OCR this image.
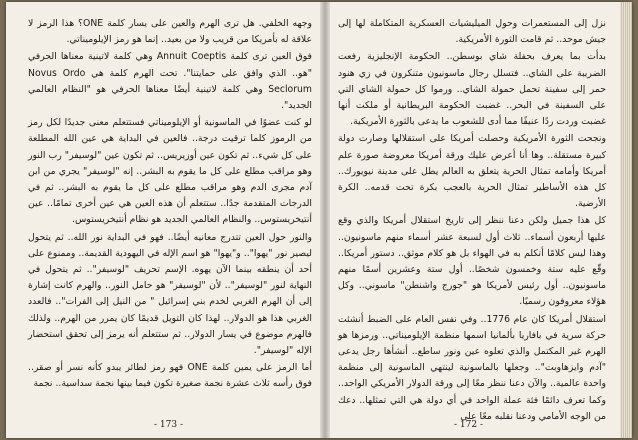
وجهه الخلفي. هل ترى الهرم والعين على يسار كلمة ONE؟ هذا الرمز لا علاقة له بأمريكا من قريب ولا من بعيد.. إنما هو رمز الإيلوميناتي.

فوق العين ترى كلمة Annuit Coeptis وهي كلمة لاتينية معناها الحرفي "هو.. الذي وافق على حمايتنا". تحت الهرم كلمة هي Novus Ordo Seclorum وهي كلمة لاتينية أيضًا معناها الحرفي هو "النظام العالمي الجديد".

لو كنت عضوًا في الماسونية أو الإيلوميناتي فستتعلم معنى جديدًا لكل رمز من الرموز كلما ترقيت درجة.. فالعين في البداية هي عين الله المطلعة على كل شيء.. ثم تكون عين أوزيريس.. ثم تكون عين "لوسيفر" رب النور وهو مراقب مطلع على كل ما يقوم به البشر.. إنه "لوسيفر" يجري من ابن آدم مجرى الدم وهو مراقب مطلع على كل ما يقوم به البشر.. ثم في الدرجات المتقدمة جدًا.. ستتعلم أن هذه العين هي عين أخرى تمامًا.. عين أنتيخريستوس.. والنظام العالمي الجديد هو نظام أنتيخريستوس.

والنور حول العين تتدرج معانيه أيضًا.. فهو في البداية نور الله.. ثم يتحول ليصير نور "يهوا".. و"يهوا" هو اسم الإله في اليهودية القديمة.. وممنوع على أحد أن ينطقه بينما الآن يهوه. الإسم تحريف "لوسيفر".. ثم يتحول في النهاية لنور "لوسيفر".. لأن "لوسيفر" هو حامل النور.. والهرم كانت إشارة إلى أن الهرم الغربي لخدم بني إسرائيل " من النيل إلى الفرات".. فالعدد الغربي هذا هو الدولار.. لهذا كان التويل قديمًا كان يمرر من الهرم.. ولذلك فالهرم موضوع في يسار الدولار.. ثم ستتعلم أنه يرمز إلى تحقق استحضار الإله "لوسيفر".

أما الرمز على يمين كلمة ONE فهو رمز لطائر يبدو كأنه نسر أو صقر.. فوق رأسه ثلاث عشرة نجمة صغيرة تكون فيما بينها نجمة سداسية.. نجمة

نزل إلى المستعمرات وحول الميليشيات العسكرية المتكاملة لها إلى جيش موحد.. ثم قامت الثورة الأمريكية.

بدأت بما يعرف بحفلة شاي بوسطن.. الحكومة الإنجليزية رفعت الضريبة على الشاي.. فتسلل رجال ماسونيون متنكرون في زي هنود حمر إلى سفينة تحمل حمولة الشاي.. ورموا كل حمولة الشاي التي على السفينة في البحر.. غضبت الحكومة البريطانية أو ملكت أنها غضبت وردت ردًا عنيفًا مما أدى للشعوب ما يدعى بالثورة الأمريكية.

ونجحت الثورة الأمريكية وحصلت أمريكا على استقلالها وصارت دولة كبيرة مستقلة.. وها أنا أعرض عليك ورقة أمريكا معروضة صورة علم أمريكا وأمامه تمثال الحرية يتعلق به العالم يطل على مدينة نيويورك.. كل هذه الأساطير تمثال الحرية بالعجب بكرة تحت قدمه.. الكرة الأرضية.

كل هذا جميل ولكن دعنا ننظر إلى تاريخ استقلال أمريكا والذي وقع عليها أربعون أسماء.. ثلاث أول لسبعة عشر أسماء منهم ماسونيون.. وهذا ليس كلامًا أتكلم به في الهواء بل هو كلام موثق.. دستور أمريكا.. وقّع عليه ستة وخمسون شخصًا.. أول ستة وعشرين أسمًا منهم ماسونيون.. أول رئيس لأمريكا هو "جورج واشنطن" ماسوني.. وكل هؤلاء معروفون رسميًا.

استقلال أمريكا كان عام 1776.. وفي نفس العام على الضبط أنشئت حركة سرية في بافاريا بألمانيا اسمها منظمة الإيلوميناتي.. ورمزها هو الهرم غير المكتمل والذي تعلوه عين ونور ساطع.. أنشأها رجل يدعى "آدم وايزهاوبت".. وجعلها بالماسونية لينتهي الماسونية إلى منظمة واحدة عالمية.. والآن دعنا ننظر معًا إلى ورقة الدولار الأمريكي الواحد.. وكما تعرف دائمًا فئة عملة الواحد في أي دولة هي التي تمثلها.. دعك من الوجه الأمامي ودعنا نقلبه معًا على

- 173 -	- 172 -
